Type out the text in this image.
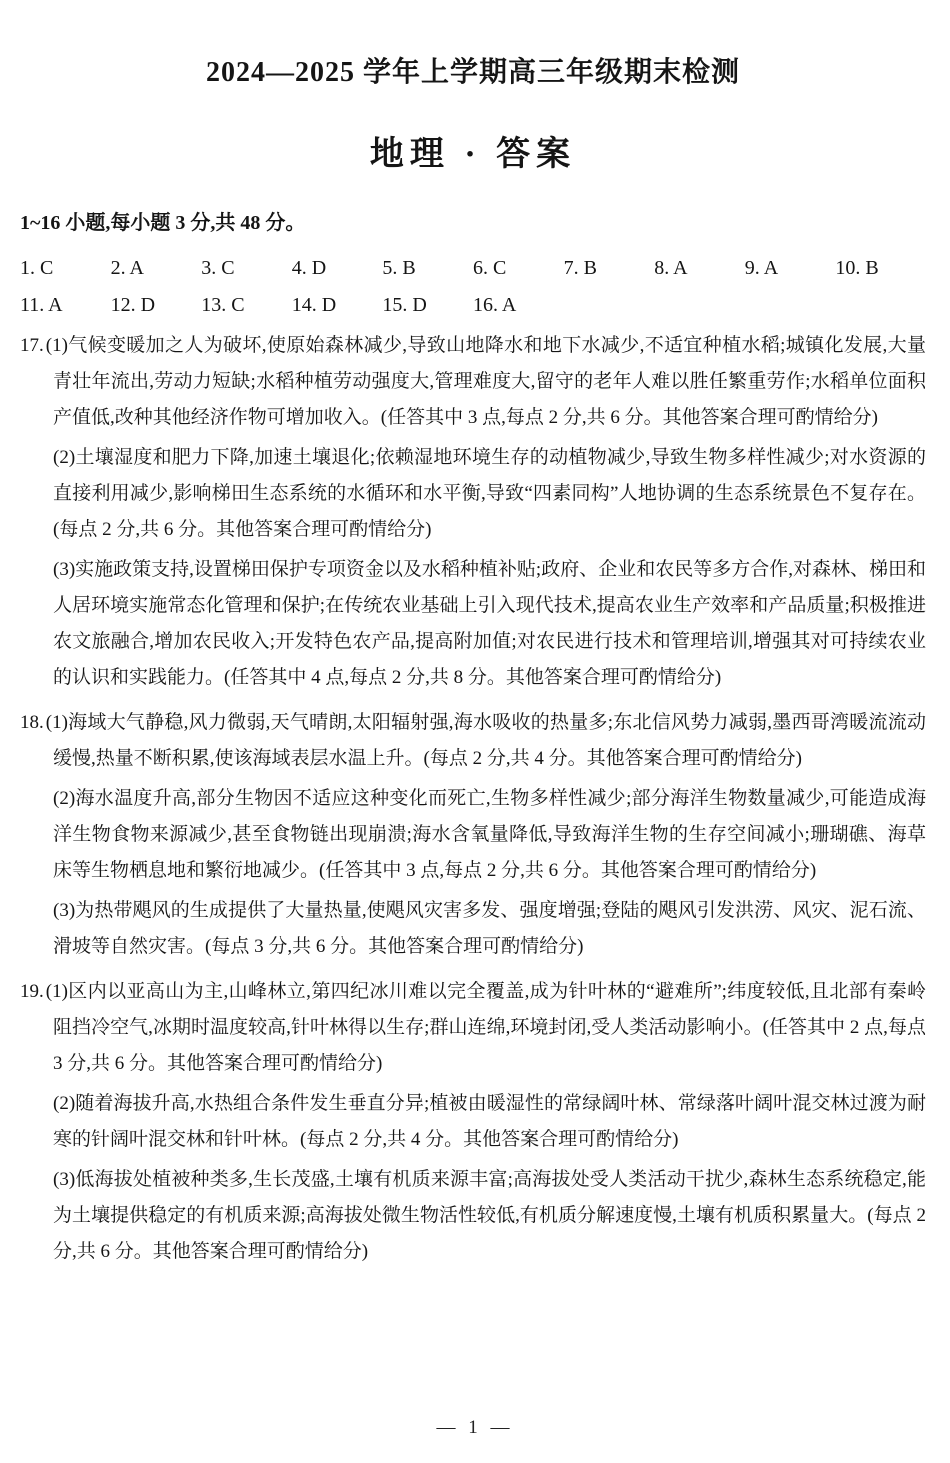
2024—2025 学年上学期高三年级期末检测
地理 · 答案

1~16 小题,每小题 3 分,共 48 分。

1. C	2. A	3. C	4. D	5. B	6. C	7. B	8. A	9. A	10. B
11. A	12. D	13. C	14. D	15. D	16. A

17. (1)气候变暖加之人为破坏,使原始森林减少,导致山地降水和地下水减少,不适宜种植水稻;城镇化发展,大量青壮年流出,劳动力短缺;水稻种植劳动强度大,管理难度大,留守的老年人难以胜任繁重劳作;水稻单位面积产值低,改种其他经济作物可增加收入。(任答其中 3 点,每点 2 分,共 6 分。其他答案合理可酌情给分)

(2)土壤湿度和肥力下降,加速土壤退化;依赖湿地环境生存的动植物减少,导致生物多样性减少;对水资源的直接利用减少,影响梯田生态系统的水循环和水平衡,导致“四素同构”人地协调的生态系统景色不复存在。(每点 2 分,共 6 分。其他答案合理可酌情给分)

(3)实施政策支持,设置梯田保护专项资金以及水稻种植补贴;政府、企业和农民等多方合作,对森林、梯田和人居环境实施常态化管理和保护;在传统农业基础上引入现代技术,提高农业生产效率和产品质量;积极推进农文旅融合,增加农民收入;开发特色农产品,提高附加值;对农民进行技术和管理培训,增强其对可持续农业的认识和实践能力。(任答其中 4 点,每点 2 分,共 8 分。其他答案合理可酌情给分)

18. (1)海域大气静稳,风力微弱,天气晴朗,太阳辐射强,海水吸收的热量多;东北信风势力减弱,墨西哥湾暖流流动缓慢,热量不断积累,使该海域表层水温上升。(每点 2 分,共 4 分。其他答案合理可酌情给分)

(2)海水温度升高,部分生物因不适应这种变化而死亡,生物多样性减少;部分海洋生物数量减少,可能造成海洋生物食物来源减少,甚至食物链出现崩溃;海水含氧量降低,导致海洋生物的生存空间减小;珊瑚礁、海草床等生物栖息地和繁衍地减少。(任答其中 3 点,每点 2 分,共 6 分。其他答案合理可酌情给分)

(3)为热带飓风的生成提供了大量热量,使飓风灾害多发、强度增强;登陆的飓风引发洪涝、风灾、泥石流、滑坡等自然灾害。(每点 3 分,共 6 分。其他答案合理可酌情给分)

19. (1)区内以亚高山为主,山峰林立,第四纪冰川难以完全覆盖,成为针叶林的“避难所”;纬度较低,且北部有秦岭阻挡冷空气,冰期时温度较高,针叶林得以生存;群山连绵,环境封闭,受人类活动影响小。(任答其中 2 点,每点 3 分,共 6 分。其他答案合理可酌情给分)

(2)随着海拔升高,水热组合条件发生垂直分异;植被由暖湿性的常绿阔叶林、常绿落叶阔叶混交林过渡为耐寒的针阔叶混交林和针叶林。(每点 2 分,共 4 分。其他答案合理可酌情给分)

(3)低海拔处植被种类多,生长茂盛,土壤有机质来源丰富;高海拔处受人类活动干扰少,森林生态系统稳定,能为土壤提供稳定的有机质来源;高海拔处微生物活性较低,有机质分解速度慢,土壤有机质积累量大。(每点 2 分,共 6 分。其他答案合理可酌情给分)

— 1 —
